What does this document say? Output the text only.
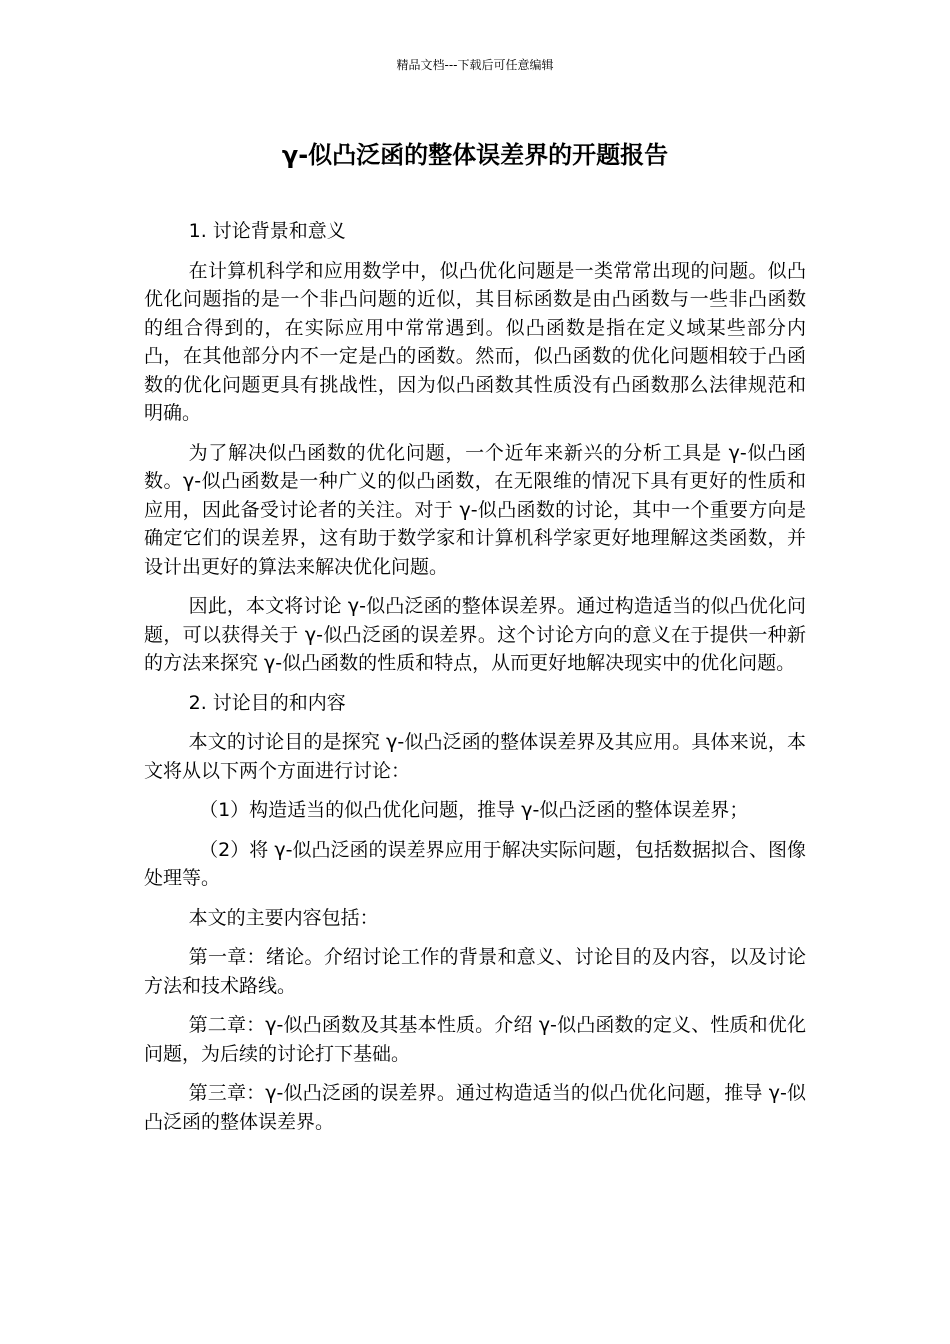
精品文档---下载后可任意编辑
γ-似凸泛函的整体误差界的开题报告

1. 讨论背景和意义

在计算机科学和应用数学中，似凸优化问题是一类常常出现的问题。似凸优化问题指的是一个非凸问题的近似，其目标函数是由凸函数与一些非凸函数的组合得到的，在实际应用中常常遇到。似凸函数是指在定义域某些部分内凸，在其他部分内不一定是凸的函数。然而，似凸函数的优化问题相较于凸函数的优化问题更具有挑战性，因为似凸函数其性质没有凸函数那么法律规范和明确。

为了解决似凸函数的优化问题，一个近年来新兴的分析工具是 γ-似凸函数。γ-似凸函数是一种广义的似凸函数，在无限维的情况下具有更好的性质和应用，因此备受讨论者的关注。对于 γ-似凸函数的讨论，其中一个重要方向是确定它们的误差界，这有助于数学家和计算机科学家更好地理解这类函数，并设计出更好的算法来解决优化问题。

因此，本文将讨论 γ-似凸泛函的整体误差界。通过构造适当的似凸优化问题，可以获得关于 γ-似凸泛函的误差界。这个讨论方向的意义在于提供一种新的方法来探究 γ-似凸函数的性质和特点，从而更好地解决现实中的优化问题。

2. 讨论目的和内容

本文的讨论目的是探究 γ-似凸泛函的整体误差界及其应用。具体来说，本文将从以下两个方面进行讨论：

（1）构造适当的似凸优化问题，推导 γ-似凸泛函的整体误差界；

（2）将 γ-似凸泛函的误差界应用于解决实际问题，包括数据拟合、图像处理等。

本文的主要内容包括：

第一章：绪论。介绍讨论工作的背景和意义、讨论目的及内容，以及讨论方法和技术路线。

第二章：γ-似凸函数及其基本性质。介绍 γ-似凸函数的定义、性质和优化问题，为后续的讨论打下基础。

第三章：γ-似凸泛函的误差界。通过构造适当的似凸优化问题，推导 γ-似凸泛函的整体误差界。
